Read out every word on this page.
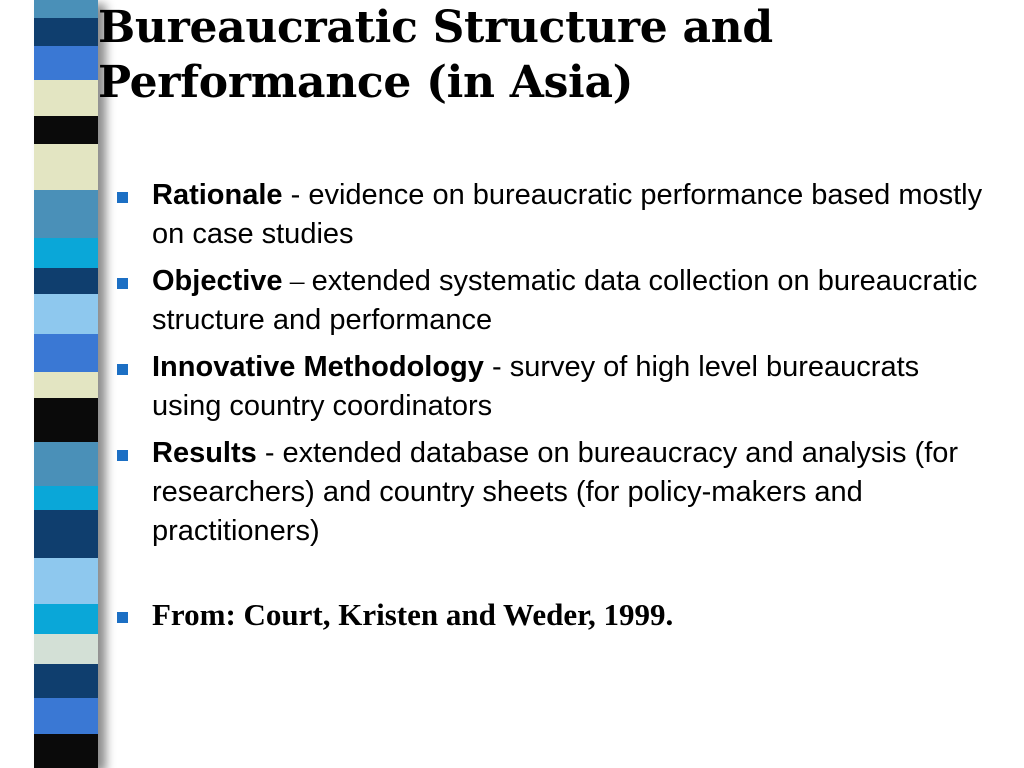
Bureaucratic Structure and
Performance (in Asia)
Rationale - evidence on bureaucratic performance based mostly on case studies
Objective – extended systematic data collection on bureaucratic structure and performance
Innovative Methodology - survey of high level bureaucrats using country coordinators
Results - extended database on bureaucracy and analysis (for researchers) and country sheets (for policy-makers and practitioners)
From: Court, Kristen and Weder, 1999.
